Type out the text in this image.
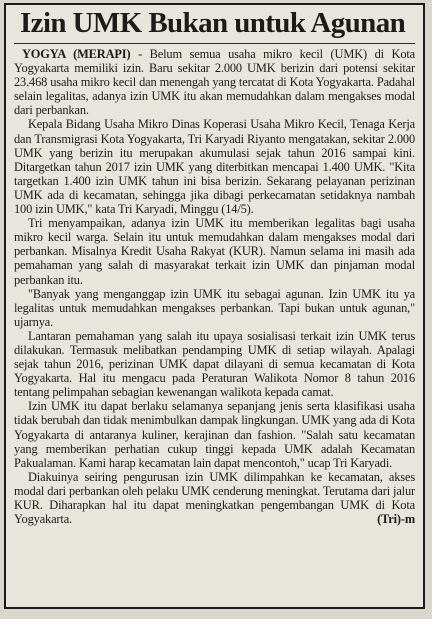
Izin UMK Bukan untuk Agunan

YOGYA (MERAPI) - Belum semua usaha mikro kecil (UMK) di Kota Yogyakarta memiliki izin. Baru sekitar 2.000 UMK berizin dari potensi sekitar 23.468 usaha mikro kecil dan menengah yang tercatat di Kota Yogyakarta. Padahal selain legalitas, adanya izin UMK itu akan memudahkan dalam mengakses modal dari perbankan.

Kepala Bidang Usaha Mikro Dinas Koperasi Usaha Mikro Kecil, Tenaga Kerja dan Transmigrasi Kota Yogyakarta, Tri Karyadi Riyanto mengatakan, sekitar 2.000 UMK yang berizin itu merupakan akumulasi sejak tahun 2016 sampai kini. Ditargetkan tahun 2017 izin UMK yang diterbitkan mencapai 1.400 UMK. "Kita targetkan 1.400 izin UMK tahun ini bisa berizin. Sekarang pelayanan perizinan UMK ada di kecamatan, sehingga jika dibagi perkecamatan setidaknya nambah 100 izin UMK," kata Tri Karyadi, Minggu (14/5).

Tri menyampaikan, adanya izin UMK itu memberikan legalitas bagi usaha mikro kecil warga. Selain itu untuk memudahkan dalam mengakses modal dari perbankan. Misalnya Kredit Usaha Rakyat (KUR). Namun selama ini masih ada pemahaman yang salah di masyarakat terkait izin UMK dan pinjaman modal perbankan itu.

"Banyak yang menganggap izin UMK itu sebagai agunan. Izin UMK itu ya legalitas untuk memudahkan mengakses perbankan. Tapi bukan untuk agunan," ujarnya.

Lantaran pemahaman yang salah itu upaya sosialisasi terkait izin UMK terus dilakukan. Termasuk melibatkan pendamping UMK di setiap wilayah. Apalagi sejak tahun 2016, perizinan UMK dapat dilayani di semua kecamatan di Kota Yogyakarta. Hal itu mengacu pada Peraturan Walikota Nomor 8 tahun 2016 tentang pelimpahan sebagian kewenangan walikota kepada camat.

Izin UMK itu dapat berlaku selamanya sepanjang jenis serta klasifikasi usaha tidak berubah dan tidak menimbulkan dampak lingkungan. UMK yang ada di Kota Yogyakarta di antaranya kuliner, kerajinan dan fashion. "Salah satu kecamatan yang memberikan perhatian cukup tinggi kepada UMK adalah Kecamatan Pakualaman. Kami harap kecamatan lain dapat mencontoh," ucap Tri Karyadi.

Diakuinya seiring pengurusan izin UMK dilimpahkan ke kecamatan, akses modal dari perbankan oleh pelaku UMK cenderung meningkat. Terutama dari jalur KUR. Diharapkan hal itu dapat meningkatkan pengembangan UMK di Kota Yogyakarta.	(Tri)-m
